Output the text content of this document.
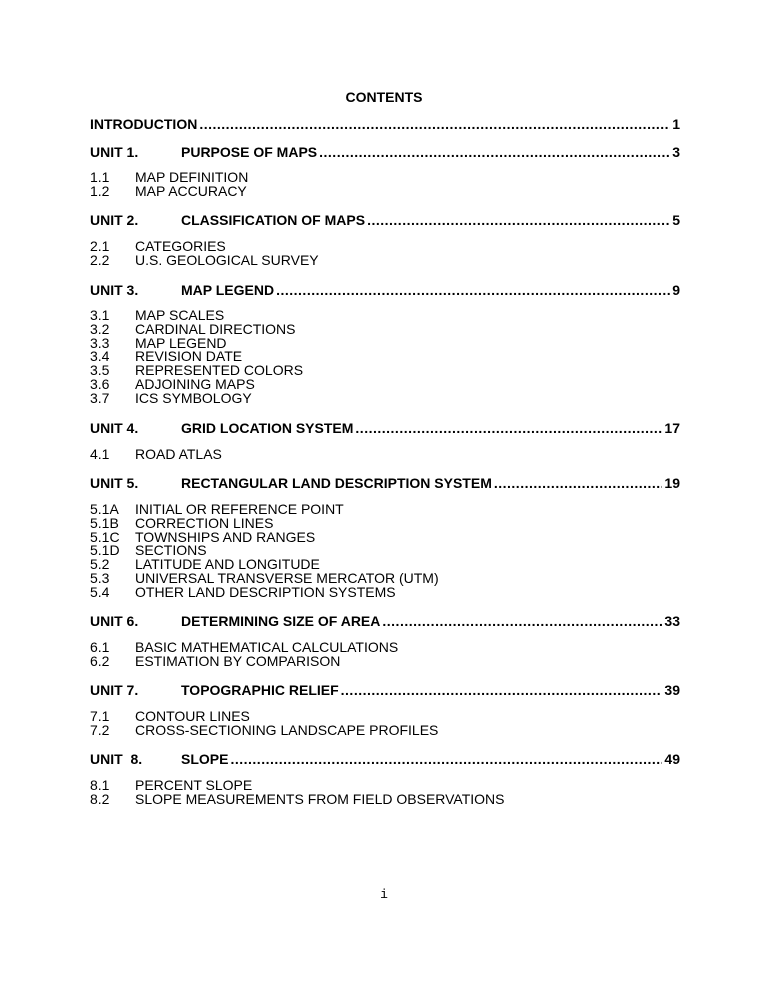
CONTENTS
INTRODUCTION .....	1
UNIT 1.	PURPOSE OF MAPS .....	3
1.1 MAP DEFINITION
1.2 MAP ACCURACY
UNIT 2.	CLASSIFICATION OF MAPS .....	5
2.1 CATEGORIES
2.2 U.S. GEOLOGICAL SURVEY
UNIT 3.	MAP LEGEND .....	9
3.1 MAP SCALES
3.2 CARDINAL DIRECTIONS
3.3 MAP LEGEND
3.4 REVISION DATE
3.5 REPRESENTED COLORS
3.6 ADJOINING MAPS
3.7 ICS SYMBOLOGY
UNIT 4.	GRID LOCATION SYSTEM .....	17
4.1 ROAD ATLAS
UNIT 5.	RECTANGULAR LAND DESCRIPTION SYSTEM .....	19
5.1A INITIAL OR REFERENCE POINT
5.1B CORRECTION LINES
5.1C TOWNSHIPS AND RANGES
5.1D SECTIONS
5.2 LATITUDE AND LONGITUDE
5.3 UNIVERSAL TRANSVERSE MERCATOR (UTM)
5.4 OTHER LAND DESCRIPTION SYSTEMS
UNIT 6.	DETERMINING SIZE OF AREA .....	33
6.1 BASIC MATHEMATICAL CALCULATIONS
6.2 ESTIMATION BY COMPARISON
UNIT 7.	TOPOGRAPHIC RELIEF .....	39
7.1 CONTOUR LINES
7.2 CROSS-SECTIONING LANDSCAPE PROFILES
UNIT  8.	SLOPE .....	49
8.1 PERCENT SLOPE
8.2 SLOPE MEASUREMENTS FROM FIELD OBSERVATIONS
i
